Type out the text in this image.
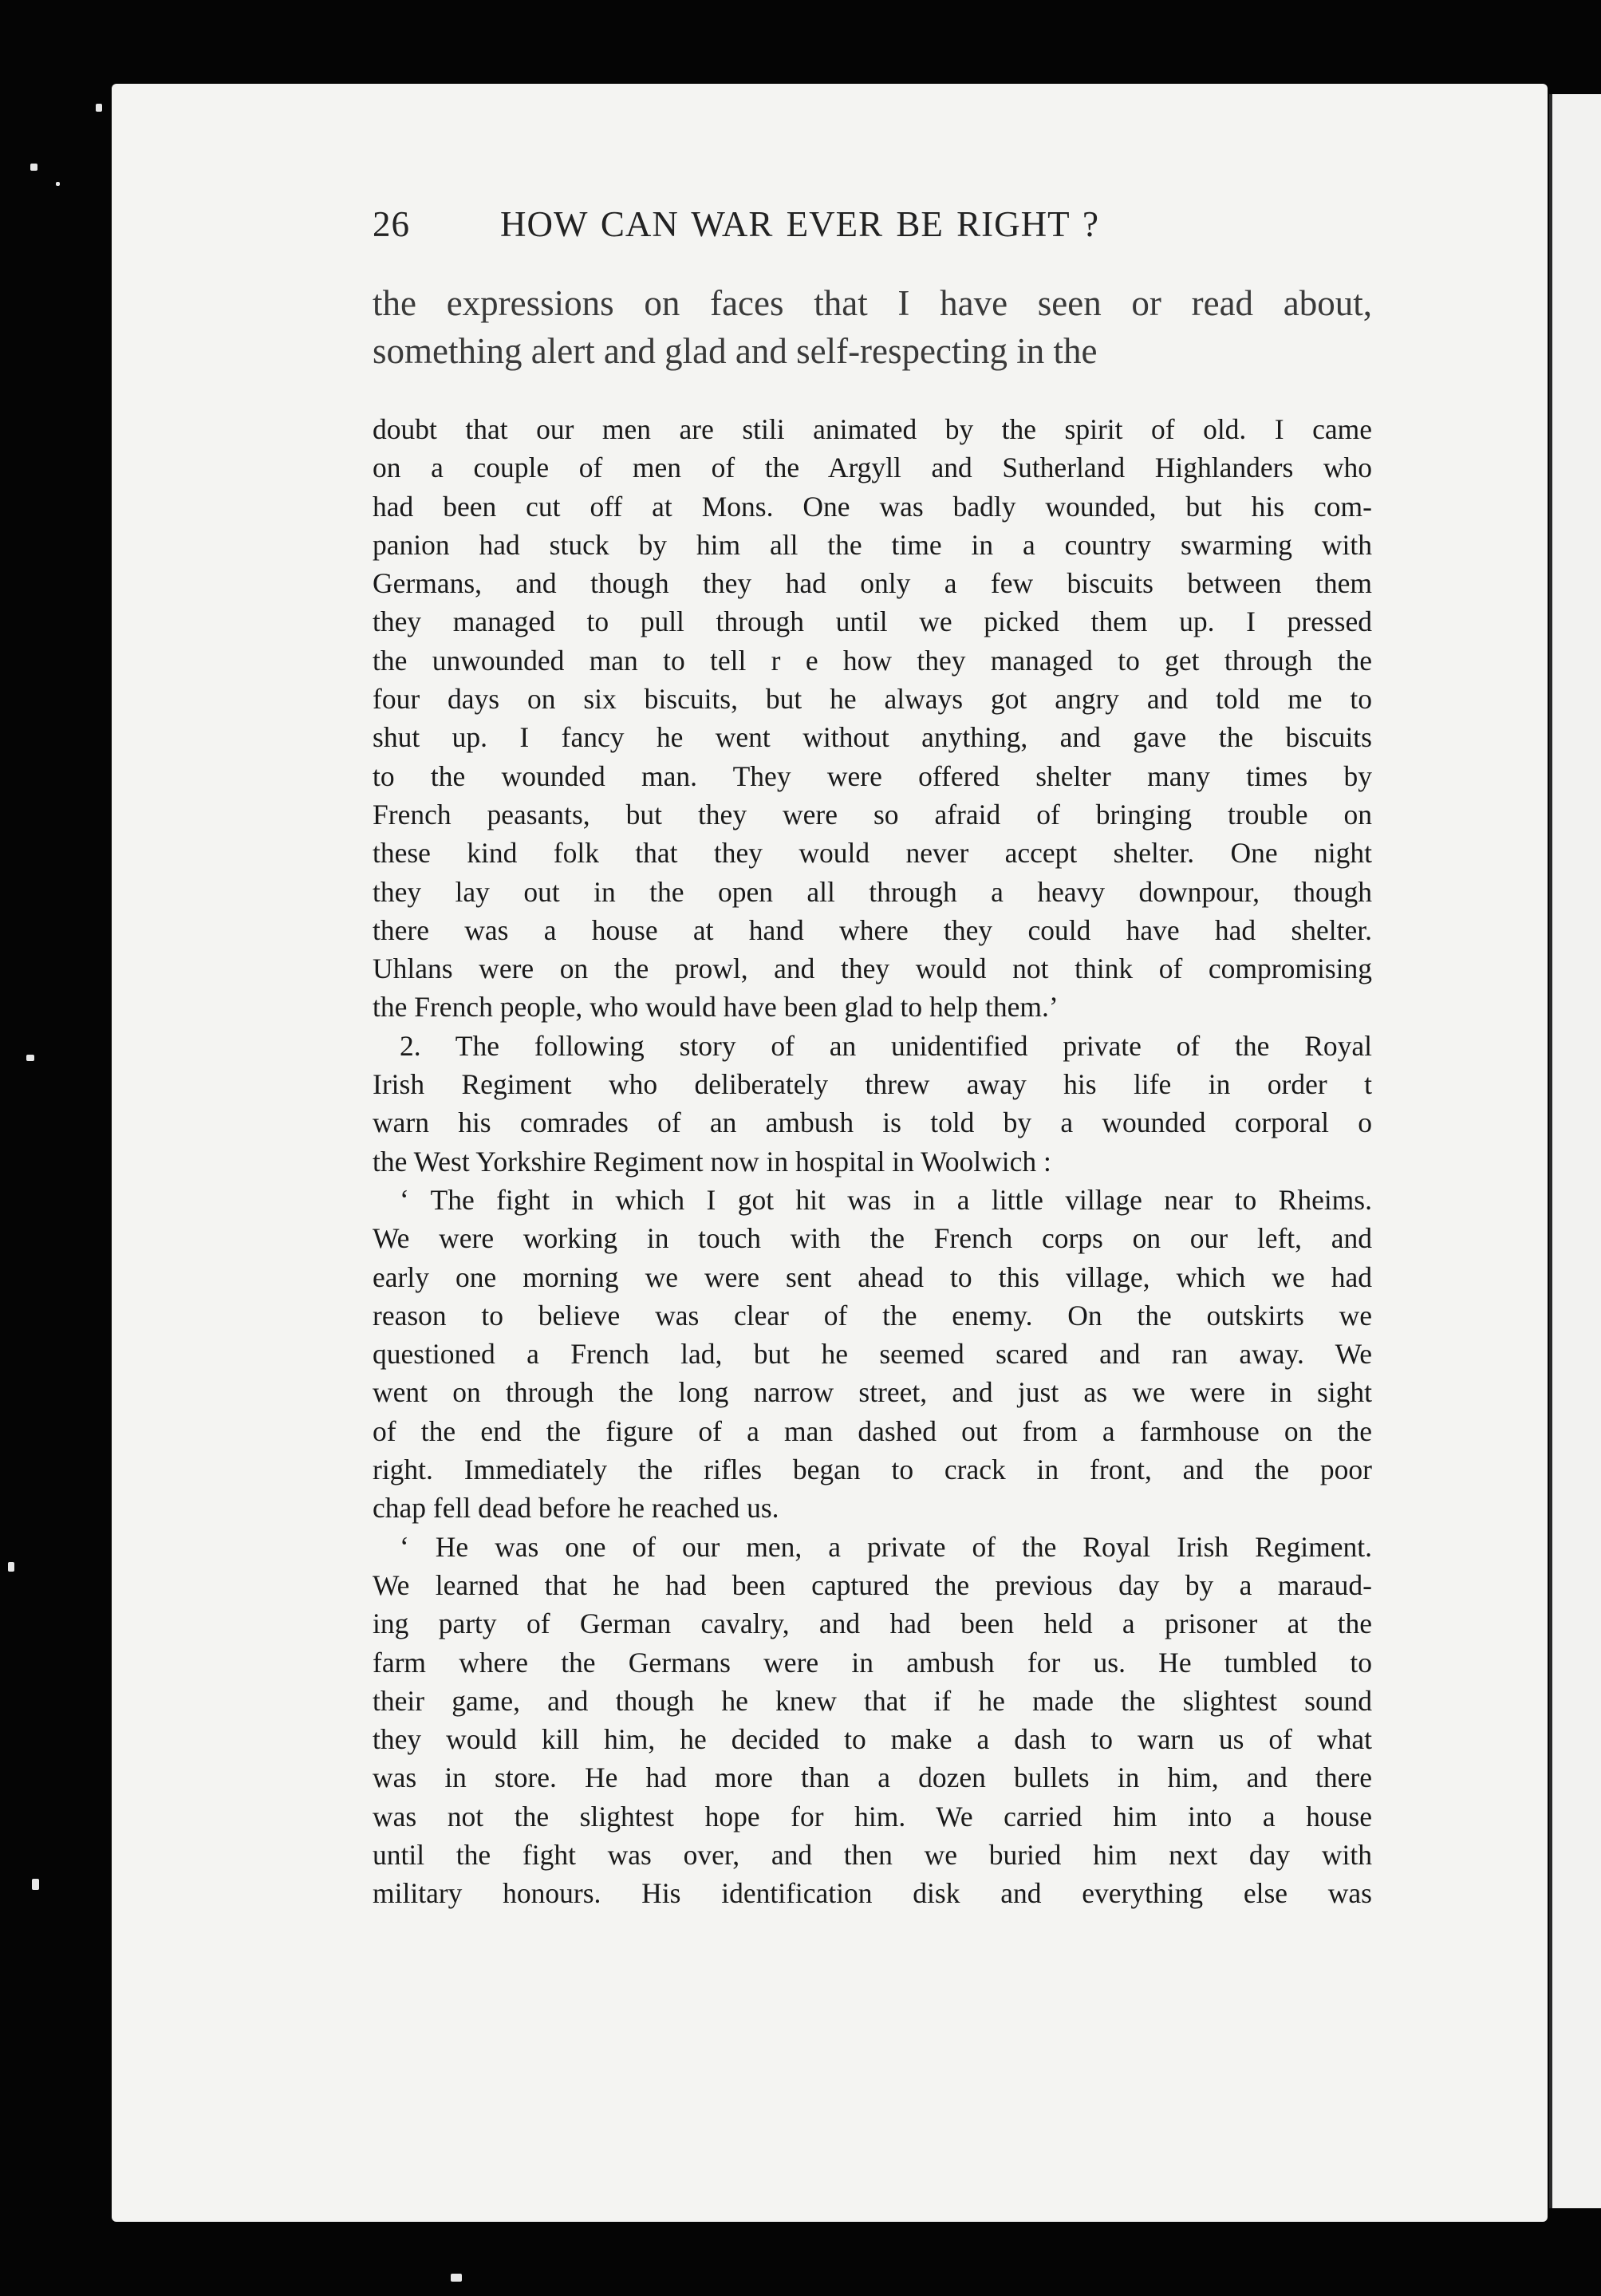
26	HOW CAN WAR EVER BE RIGHT ?
the expressions on faces that I have seen or read about,
something alert and glad and self-respecting in the
doubt that our men are stili animated by the spirit of old. I came
on a couple of men of the Argyll and Sutherland Highlanders who
had been cut off at Mons. One was badly wounded, but his com-
panion had stuck by him all the time in a country swarming with
Germans, and though they had only a few biscuits between them
they managed to pull through until we picked them up. I pressed
the unwounded man to tell r e how they managed to get through the
four days on six biscuits, but he always got angry and told me to
shut up. I fancy he went without anything, and gave the biscuits
to the wounded man. They were offered shelter many times by
French peasants, but they were so afraid of bringing trouble on
these kind folk that they would never accept shelter. One night
they lay out in the open all through a heavy downpour, though
there was a house at hand where they could have had shelter.
Uhlans were on the prowl, and they would not think of compromising
the French people, who would have been glad to help them.’
2. The following story of an unidentified private of the Royal
Irish Regiment who deliberately threw away his life in order t
warn his comrades of an ambush is told by a wounded corporal o
the West Yorkshire Regiment now in hospital in Woolwich :
‘ The fight in which I got hit was in a little village near to Rheims.
We were working in touch with the French corps on our left, and
early one morning we were sent ahead to this village, which we had
reason to believe was clear of the enemy. On the outskirts we
questioned a French lad, but he seemed scared and ran away. We
went on through the long narrow street, and just as we were in sight
of the end the figure of a man dashed out from a farmhouse on the
right. Immediately the rifles began to crack in front, and the poor
chap fell dead before he reached us.
‘ He was one of our men, a private of the Royal Irish Regiment.
We learned that he had been captured the previous day by a maraud-
ing party of German cavalry, and had been held a prisoner at the
farm where the Germans were in ambush for us. He tumbled to
their game, and though he knew that if he made the slightest sound
they would kill him, he decided to make a dash to warn us of what
was in store. He had more than a dozen bullets in him, and there
was not the slightest hope for him. We carried him into a house
until the fight was over, and then we buried him next day with
military honours. His identification disk and everything else was
